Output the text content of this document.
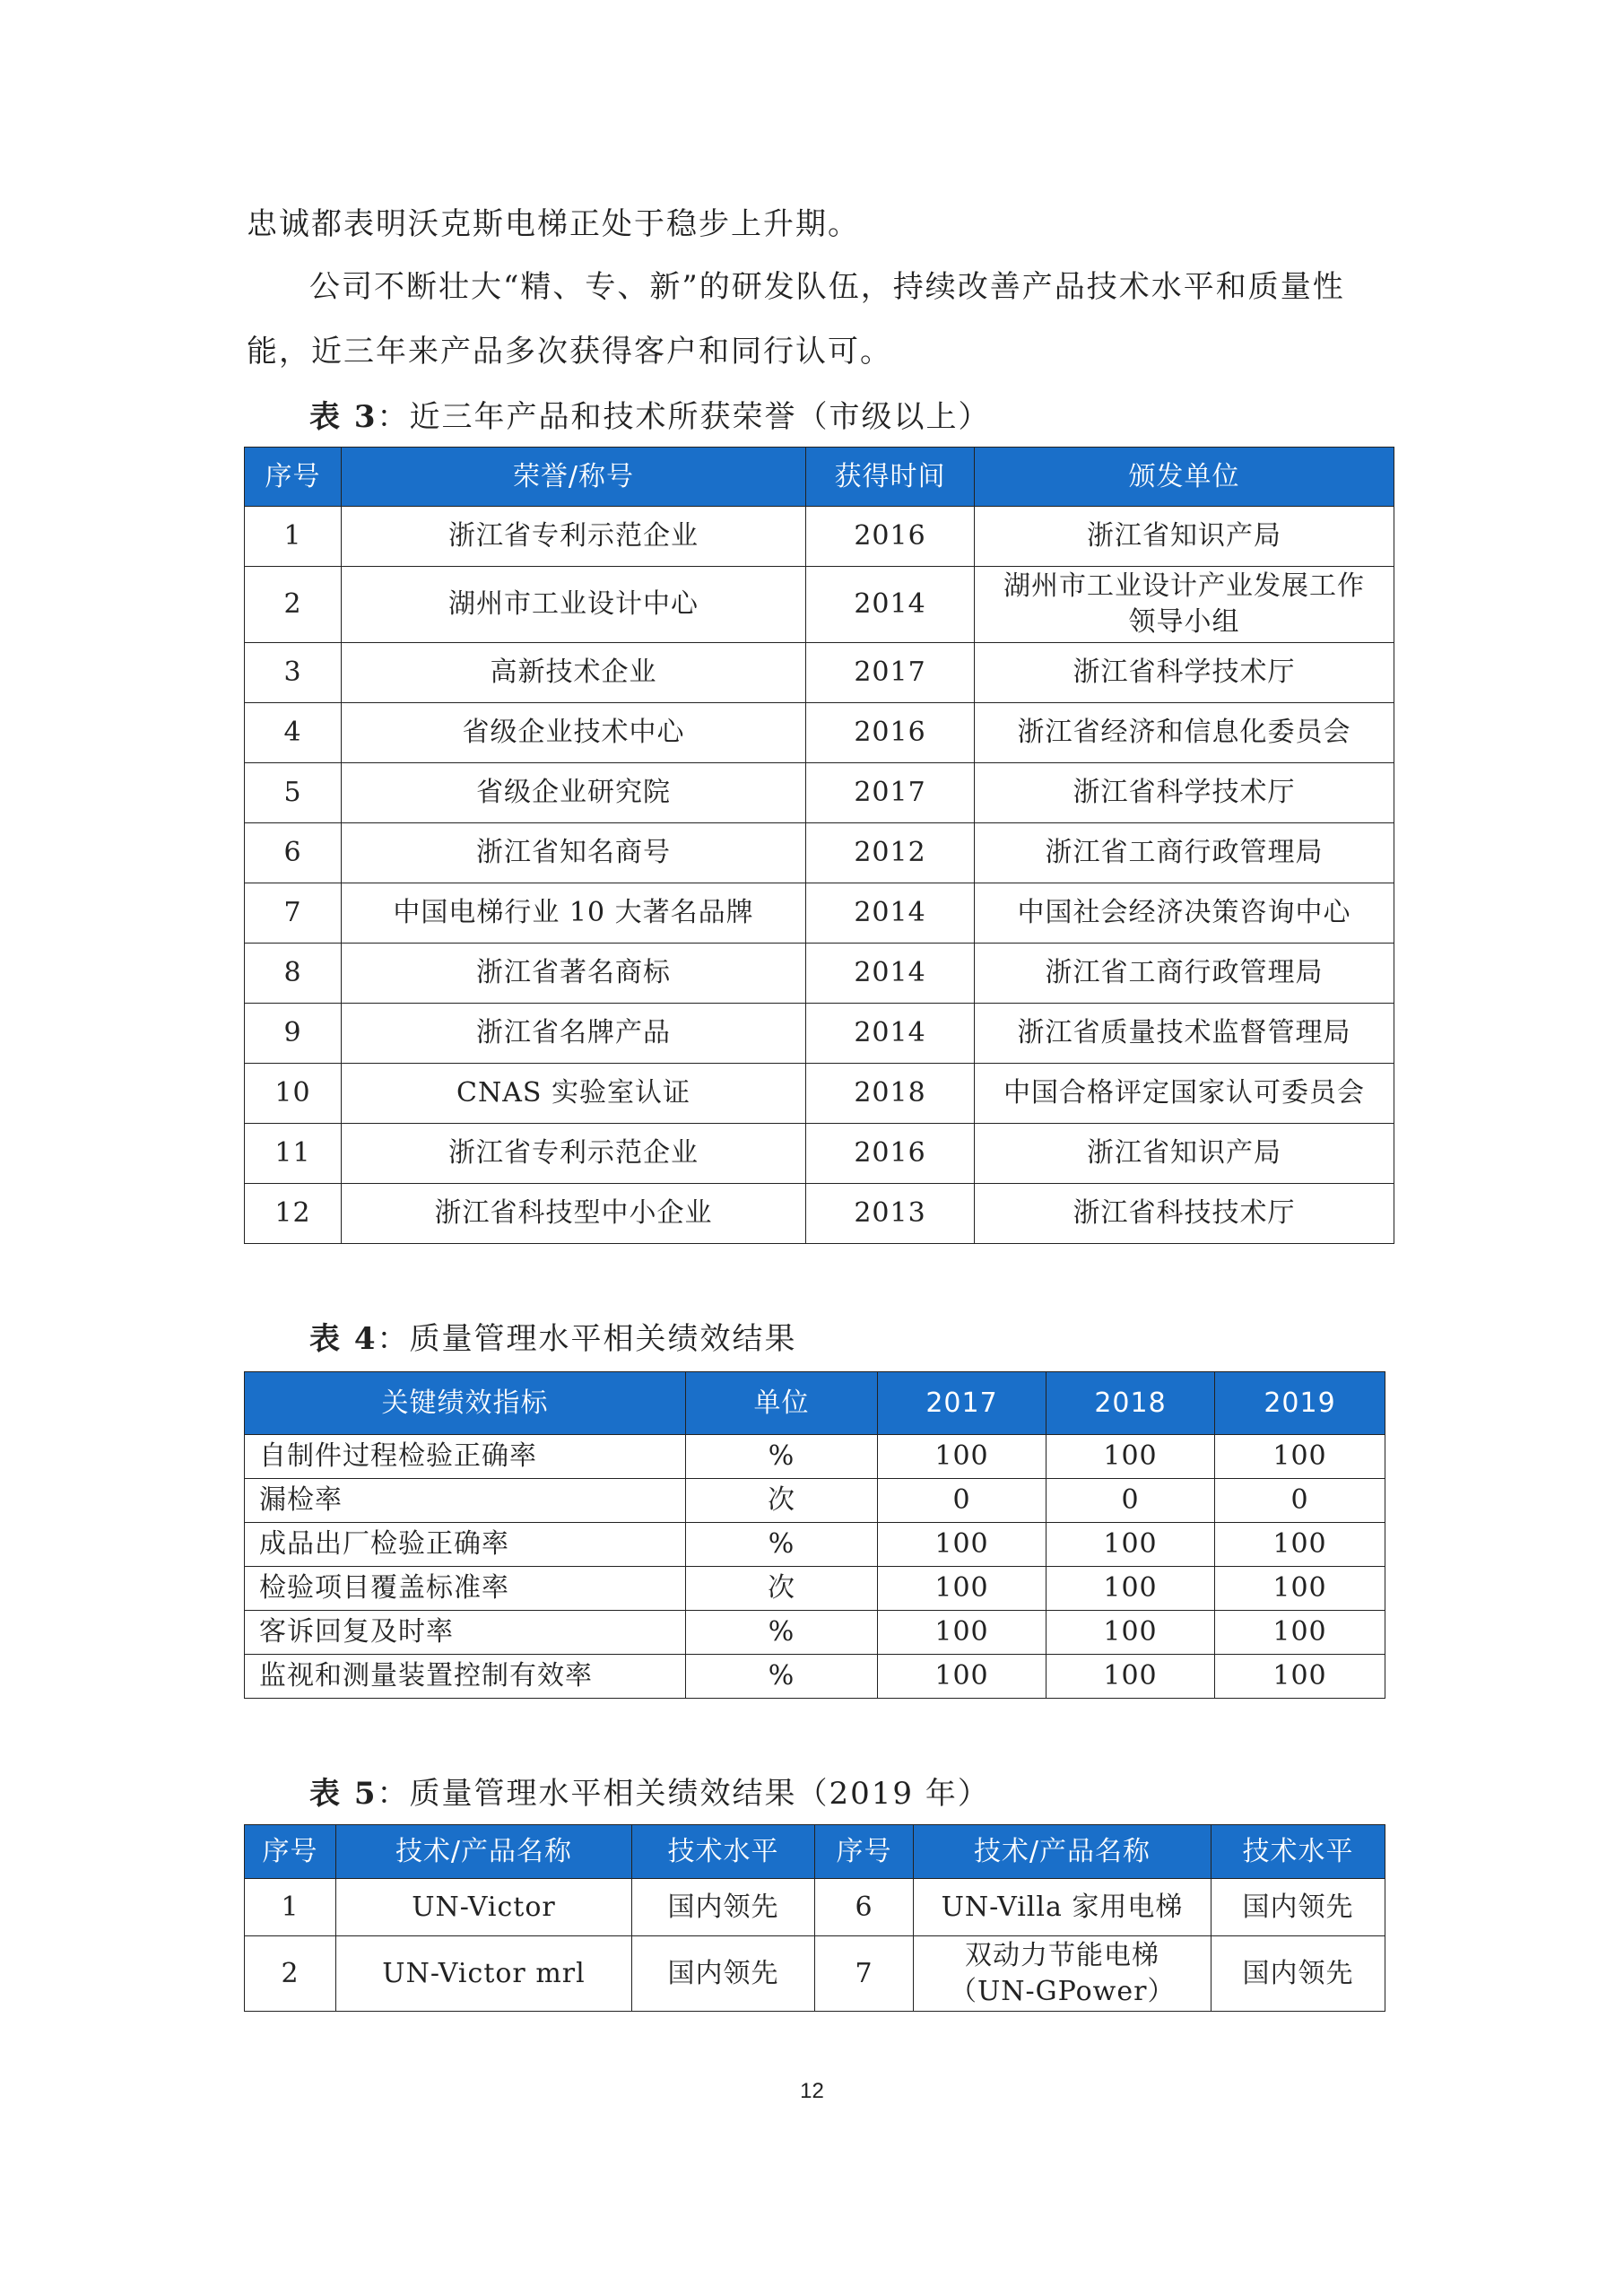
忠诚都表明沃克斯电梯正处于稳步上升期。
公司不断壮大“精、专、新”的研发队伍，持续改善产品技术水平和质量性
能，近三年来产品多次获得客户和同行认可。
表 3：近三年产品和技术所获荣誉（市级以上）
序号	荣誉/称号	获得时间	颁发单位
1	浙江省专利示范企业	2016	浙江省知识产局
2	湖州市工业设计中心	2014	湖州市工业设计产业发展工作领导小组
3	高新技术企业	2017	浙江省科学技术厅
4	省级企业技术中心	2016	浙江省经济和信息化委员会
5	省级企业研究院	2017	浙江省科学技术厅
6	浙江省知名商号	2012	浙江省工商行政管理局
7	中国电梯行业 10 大著名品牌	2014	中国社会经济决策咨询中心
8	浙江省著名商标	2014	浙江省工商行政管理局
9	浙江省名牌产品	2014	浙江省质量技术监督管理局
10	CNAS 实验室认证	2018	中国合格评定国家认可委员会
11	浙江省专利示范企业	2016	浙江省知识产局
12	浙江省科技型中小企业	2013	浙江省科技技术厅
表 4：质量管理水平相关绩效结果
关键绩效指标	单位	2017	2018	2019
自制件过程检验正确率	%	100	100	100
漏检率	次	0	0	0
成品出厂检验正确率	%	100	100	100
检验项目覆盖标准率	次	100	100	100
客诉回复及时率	%	100	100	100
监视和测量装置控制有效率	%	100	100	100
表 5：质量管理水平相关绩效结果（2019 年）
序号	技术/产品名称	技术水平	序号	技术/产品名称	技术水平
1	UN-Victor	国内领先	6	UN-Villa 家用电梯	国内领先
2	UN-Victor mrl	国内领先	7	双动力节能电梯（UN-GPower）	国内领先
12
